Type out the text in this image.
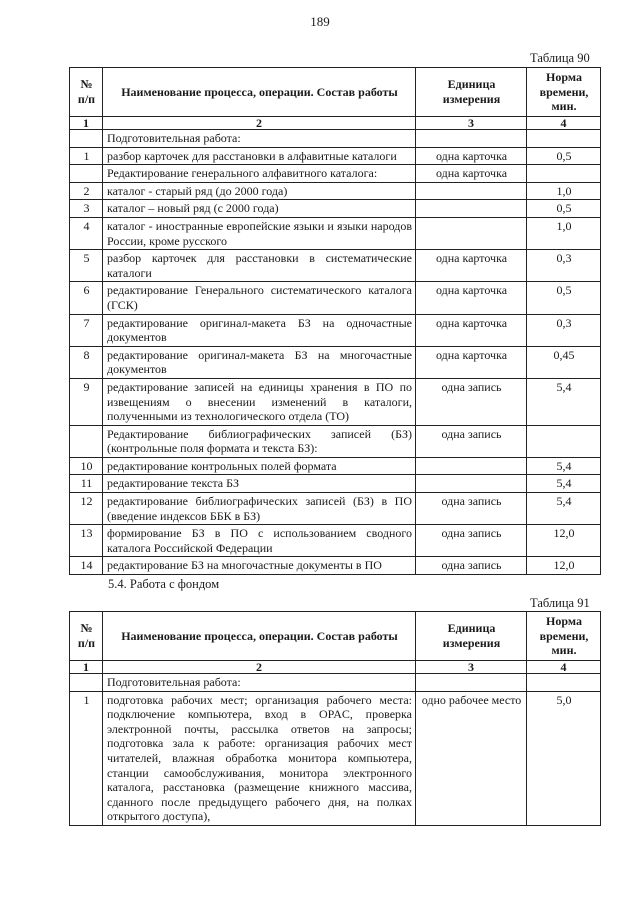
189
Таблица 90
№ п/п	Наименование процесса, операции. Состав работы	Единица измерения	Норма времени, мин.
1	2	3	4
	Подготовительная работа:		
1	разбор карточек для расстановки в алфавитные каталоги	одна карточка	0,5
	Редактирование генерального алфавитного каталога:	одна карточка	
2	каталог - старый ряд (до 2000 года)		1,0
3	каталог – новый ряд (с 2000 года)		0,5
4	каталог - иностранные европейские языки и языки народов России, кроме русского		1,0
5	разбор карточек для расстановки в систематические каталоги	одна карточка	0,3
6	редактирование Генерального систематического каталога (ГСК)	одна карточка	0,5
7	редактирование оригинал-макета БЗ на одночастные документов	одна карточка	0,3
8	редактирование оригинал-макета БЗ на многочастные документов	одна карточка	0,45
9	редактирование записей на единицы хранения в ПО по извещениям о внесении изменений в каталоги, полученными из технологического отдела (ТО)	одна запись	5,4
	Редактирование библиографических записей (БЗ) (контрольные поля формата и текста БЗ):	одна запись	
10	редактирование контрольных полей формата		5,4
11	редактирование текста БЗ		5,4
12	редактирование библиографических записей (БЗ) в ПО (введение индексов ББК в БЗ)	одна запись	5,4
13	формирование БЗ в ПО с использованием сводного каталога Российской Федерации	одна запись	12,0
14	редактирование БЗ на многочастные документы в ПО	одна запись	12,0
5.4. Работа с фондом
Таблица 91
№ п/п	Наименование процесса, операции. Состав работы	Единица измерения	Норма времени, мин.
1	2	3	4
	Подготовительная работа:		
1	подготовка рабочих мест; организация рабочего места: подключение компьютера, вход в OPAC, проверка электронной почты, рассылка ответов на запросы; подготовка зала к работе: организация рабочих мест читателей, влажная обработка монитора компьютера, станции самообслуживания, монитора электронного каталога, расстановка (размещение книжного массива, сданного после предыдущего рабочего дня, на полках открытого доступа),	одно рабочее место	5,0
